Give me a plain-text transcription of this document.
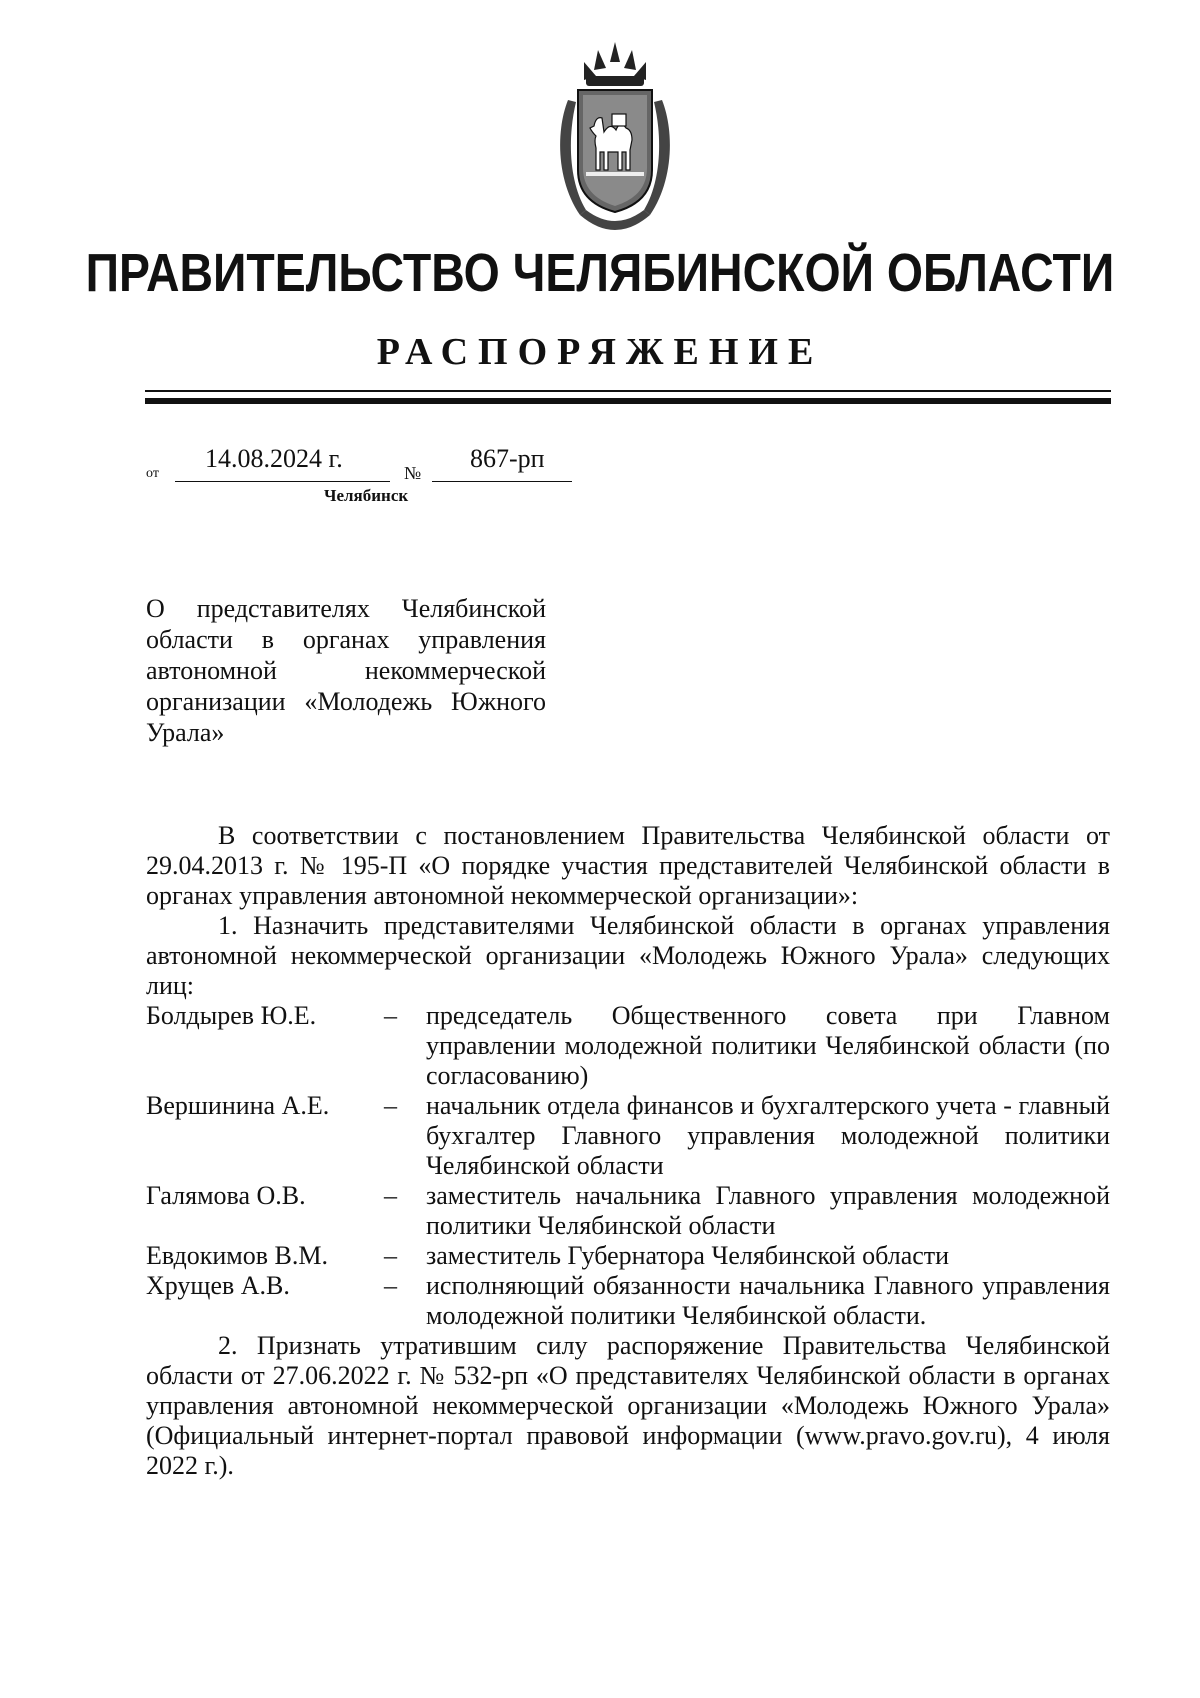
ПРАВИТЕЛЬСТВО ЧЕЛЯБИНСКОЙ ОБЛАСТИ
РАСПОРЯЖЕНИЕ
от
14.08.2024 г.	№ 867-рп
Челябинск
О представителях Челябинской области в органах управления автономной некоммерческой организации «Молодежь Южного Урала»

В соответствии с постановлением Правительства Челябинской области от 29.04.2013 г. № 195-П «О порядке участия представителей Челябинской области в органах управления автономной некоммерческой организации»:

1. Назначить представителями Челябинской области в органах управления автономной некоммерческой организации «Молодежь Южного Урала» следующих лиц:

Болдырев Ю.Е.	–	председатель Общественного совета при Главном управлении молодежной политики Челябинской области (по согласованию)
Вершинина А.Е.	–	начальник отдела финансов и бухгалтерского учета - главный бухгалтер Главного управления молодежной политики Челябинской области
Галямова О.В.	–	заместитель начальника Главного управления молодежной политики Челябинской области
Евдокимов В.М.	–	заместитель Губернатора Челябинской области
Хрущев А.В.	–	исполняющий обязанности начальника Главного управления молодежной политики Челябинской области.

2. Признать утратившим силу распоряжение Правительства Челябинской области от 27.06.2022 г. № 532-рп «О представителях Челябинской области в органах управления автономной некоммерческой организации «Молодежь Южного Урала» (Официальный интернет-портал правовой информации (www.pravo.gov.ru), 4 июля 2022 г.).
